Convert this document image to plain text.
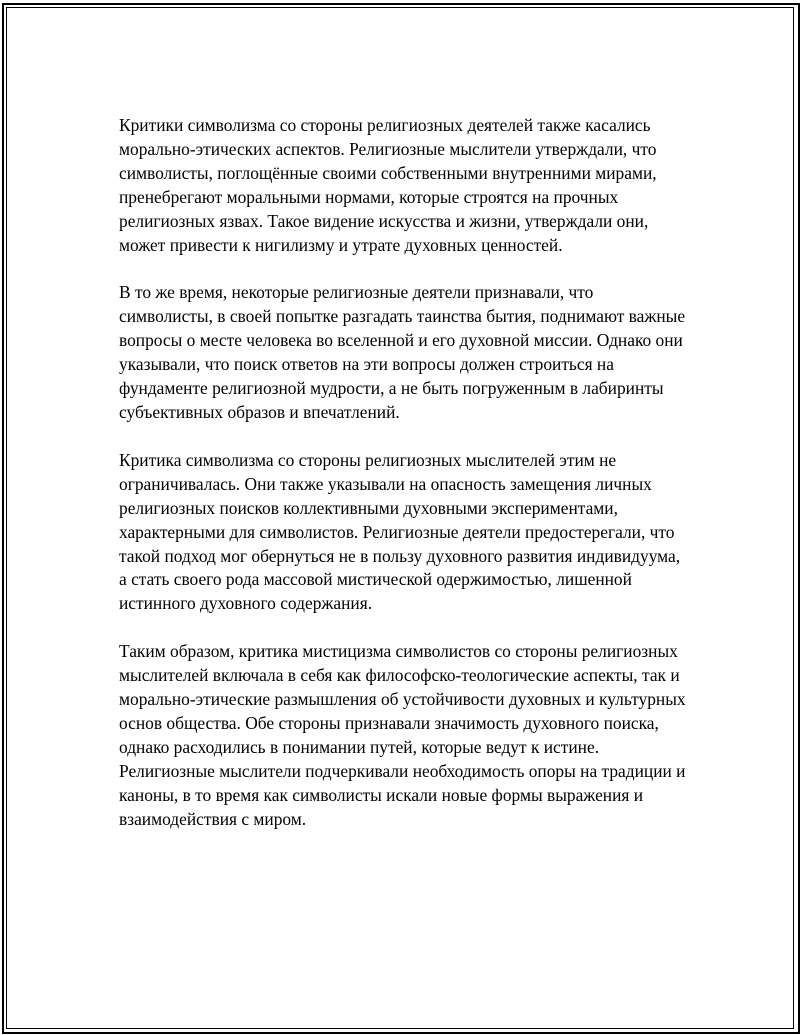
Критики символизма со стороны религиозных деятелей также касались морально-этических аспектов. Религиозные мыслители утверждали, что символисты, поглощённые своими собственными внутренними мирами, пренебрегают моральными нормами, которые строятся на прочных религиозных язвах. Такое видение искусства и жизни, утверждали они, может привести к нигилизму и утрате духовных ценностей.

В то же время, некоторые религиозные деятели признавали, что символисты, в своей попытке разгадать таинства бытия, поднимают важные вопросы о месте человека во вселенной и его духовной миссии. Однако они указывали, что поиск ответов на эти вопросы должен строиться на фундаменте религиозной мудрости, а не быть погруженным в лабиринты субъективных образов и впечатлений.

Критика символизма со стороны религиозных мыслителей этим не ограничивалась. Они также указывали на опасность замещения личных религиозных поисков коллективными духовными экспериментами, характерными для символистов. Религиозные деятели предостерегали, что такой подход мог обернуться не в пользу духовного развития индивидуума, а стать своего рода массовой мистической одержимостью, лишенной истинного духовного содержания.

Таким образом, критика мистицизма символистов со стороны религиозных мыслителей включала в себя как философско-теологические аспекты, так и морально-этические размышления об устойчивости духовных и культурных основ общества. Обе стороны признавали значимость духовного поиска, однако расходились в понимании путей, которые ведут к истине. Религиозные мыслители подчеркивали необходимость опоры на традиции и каноны, в то время как символисты искали новые формы выражения и взаимодействия с миром.
